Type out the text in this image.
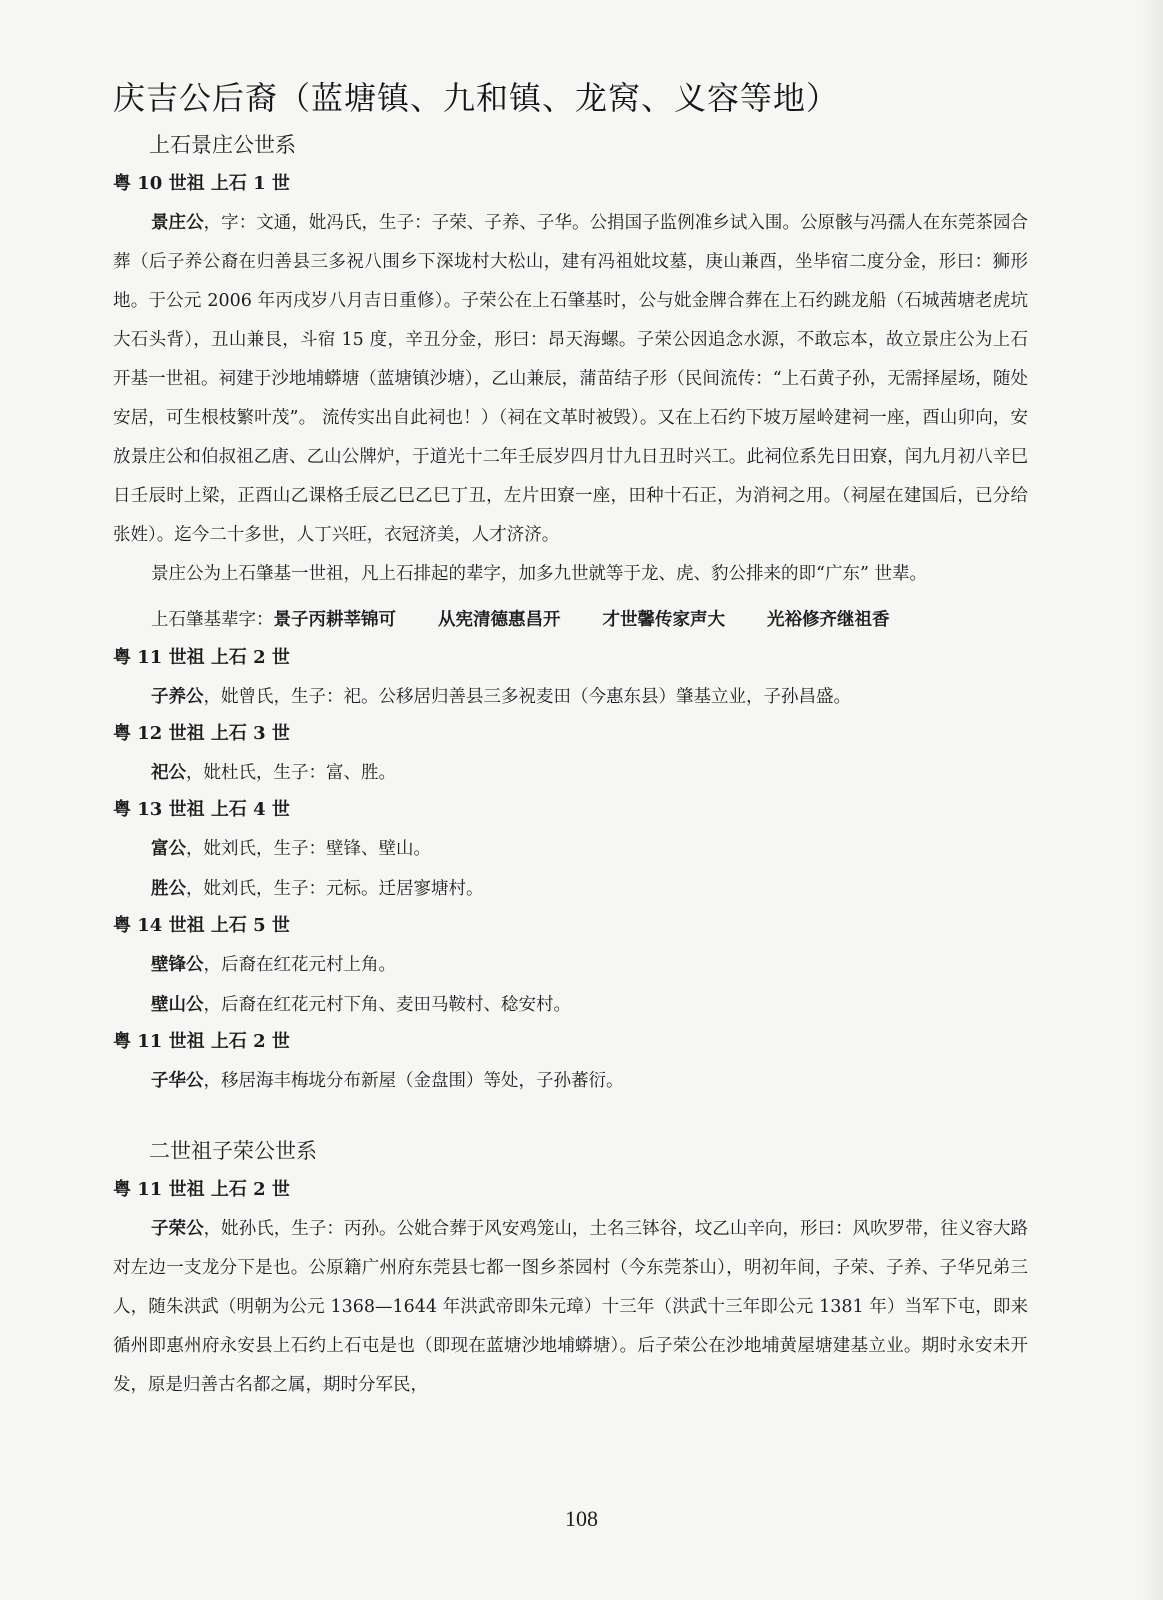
庆吉公后裔（蓝塘镇、九和镇、龙窝、义容等地）
上石景庄公世系
粤 10 世祖 上石 1 世

景庄公，字：文通，妣冯氏，生子：子荣、子养、子华。公捐国子监例准乡试入围。公原骸与冯孺人在东莞茶园合葬（后子养公裔在归善县三多祝八围乡下深垅村大松山，建有冯祖妣坟墓，庚山兼酉，坐毕宿二度分金，形曰：狮形地。于公元 2006 年丙戌岁八月吉日重修）。子荣公在上石肇基时，公与妣金牌合葬在上石约跳龙船（石城茜塘老虎坑大石头背），丑山兼艮，斗宿 15 度，辛丑分金，形曰：昂天海螺。子荣公因追念水源，不敢忘本，故立景庄公为上石开基一世祖。祠建于沙地埔蟒塘（蓝塘镇沙塘），乙山兼辰，蒲苗结子形（民间流传：“上石黄子孙，无需择屋场，随处安居，可生根枝繁叶茂”。 流传实出自此祠也！）（祠在文革时被毁）。又在上石约下坡万屋岭建祠一座，酉山卯向，安放景庄公和伯叔祖乙唐、乙山公牌炉，于道光十二年壬辰岁四月廿九日丑时兴工。此祠位系先日田寮，闰九月初八辛巳日壬辰时上梁，正酉山乙课格壬辰乙巳乙巳丁丑，左片田寮一座，田种十石正，为消祠之用。（祠屋在建国后，已分给张姓）。迄今二十多世，人丁兴旺，衣冠济美，人才济济。

景庄公为上石肇基一世祖，凡上石排起的辈字，加多九世就等于龙、虎、豹公排来的即“广东” 世辈。

上石肇基辈字：景子丙耕莘锦可 从宪清德惠昌开 才世馨传家声大 光裕修齐继祖香
粤 11 世祖 上石 2 世

子养公，妣曾氏，生子：祀。公移居归善县三多祝麦田（今惠东县）肇基立业，子孙昌盛。

粤 12 世祖 上石 3 世

祀公，妣杜氏，生子：富、胜。

粤 13 世祖 上石 4 世

富公，妣刘氏，生子：壁锋、壁山。

胜公，妣刘氏，生子：元标。迁居寥塘村。

粤 14 世祖 上石 5 世

壁锋公，后裔在红花元村上角。

壁山公，后裔在红花元村下角、麦田马鞍村、稔安村。

粤 11 世祖 上石 2 世

子华公，移居海丰梅垅分布新屋（金盘围）等处，子孙蕃衍。

二世祖子荣公世系
粤 11 世祖 上石 2 世

子荣公，妣孙氏，生子：丙孙。公妣合葬于风安鸡笼山，土名三钵谷，坟乙山辛向，形曰：风吹罗带，往义容大路对左边一支龙分下是也。公原籍广州府东莞县七都一图乡茶园村（今东莞茶山），明初年间，子荣、子养、子华兄弟三人，随朱洪武（明朝为公元 1368—1644 年洪武帝即朱元璋）十三年（洪武十三年即公元 1381 年）当军下屯，即来循州即惠州府永安县上石约上石屯是也（即现在蓝塘沙地埔蟒塘）。后子荣公在沙地埔黄屋塘建基立业。期时永安未开发，原是归善古名都之属，期时分军民，

108
